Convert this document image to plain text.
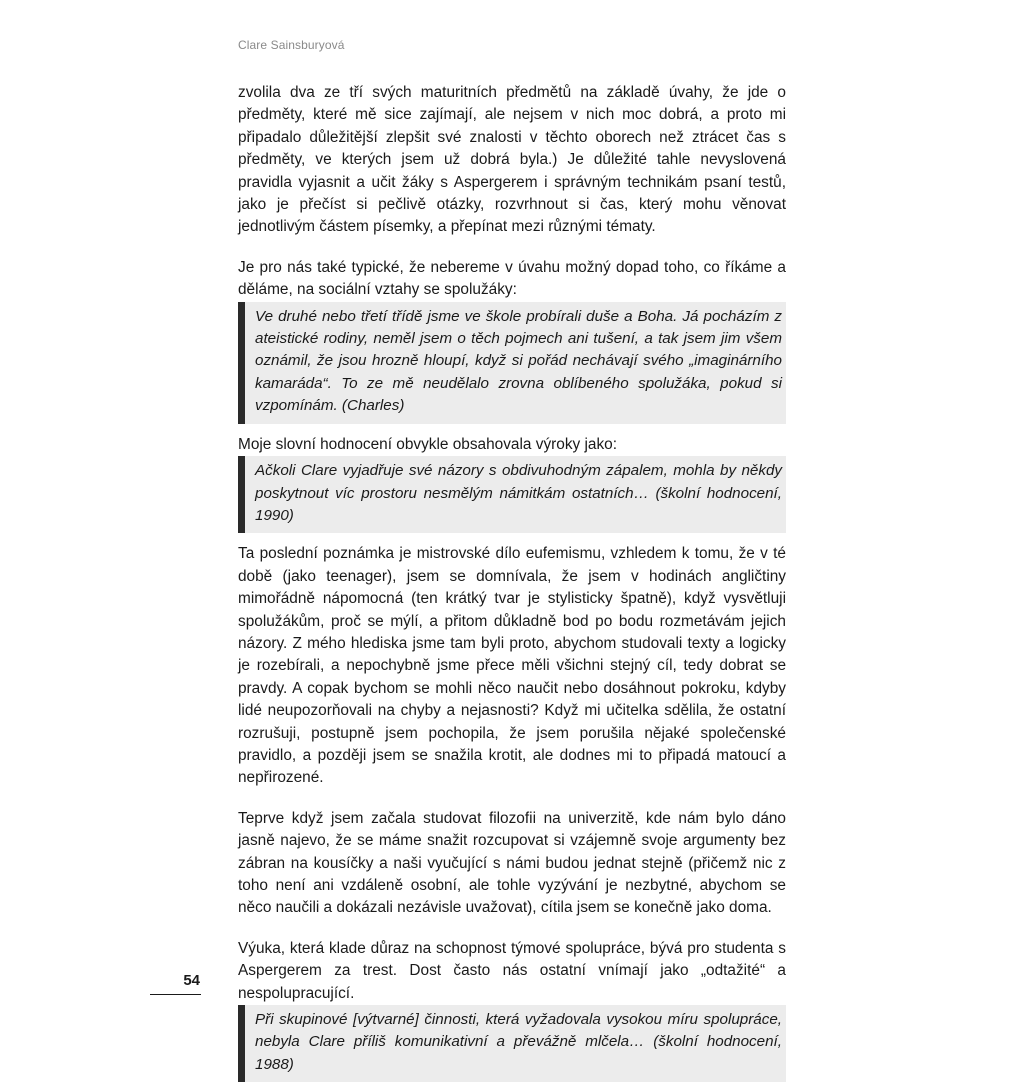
Clare Sainsburyová

zvolila dva ze tří svých maturitních předmětů na základě úvahy, že jde o předměty, které mě sice zajímají, ale nejsem v nich moc dobrá, a proto mi připadalo důležitější zlepšit své znalosti v těchto oborech než ztrácet čas s předměty, ve kterých jsem už dobrá byla.) Je důležité tahle nevyslovená pravidla vyjasnit a učit žáky s Aspergerem i správným technikám psaní testů, jako je přečíst si pečlivě otázky, rozvrhnout si čas, který mohu věnovat jednotlivým částem písemky, a přepínat mezi různými tématy.

Je pro nás také typické, že nebereme v úvahu možný dopad toho, co říkáme a děláme, na sociální vztahy se spolužáky:

Ve druhé nebo třetí třídě jsme ve škole probírali duše a Boha. Já pocházím z ateistické rodiny, neměl jsem o těch pojmech ani tušení, a tak jsem jim všem oznámil, že jsou hrozně hloupí, když si pořád nechávají svého „imaginárního kamaráda“. To ze mě neudělalo zrovna oblíbeného spolužáka, pokud si vzpomínám. (Charles)

Moje slovní hodnocení obvykle obsahovala výroky jako:

Ačkoli Clare vyjadřuje své názory s obdivuhodným zápalem, mohla by někdy poskytnout víc prostoru nesmělým námitkám ostatních… (školní hodnocení, 1990)

Ta poslední poznámka je mistrovské dílo eufemismu, vzhledem k tomu, že v té době (jako teenager), jsem se domnívala, že jsem v hodinách angličtiny mimořádně nápomocná (ten krátký tvar je stylisticky špatně), když vysvětluji spolužákům, proč se mýlí, a přitom důkladně bod po bodu rozmetávám jejich názory. Z mého hlediska jsme tam byli proto, abychom studovali texty a logicky je rozebírali, a nepochybně jsme přece měli všichni stejný cíl, tedy dobrat se pravdy. A copak bychom se mohli něco naučit nebo dosáhnout pokroku, kdyby lidé neupozorňovali na chyby a nejasnosti? Když mi učitelka sdělila, že ostatní rozrušuji, postupně jsem pochopila, že jsem porušila nějaké společenské pravidlo, a později jsem se snažila krotit, ale dodnes mi to připadá matoucí a nepřirozené.

Teprve když jsem začala studovat filozofii na univerzitě, kde nám bylo dáno jasně najevo, že se máme snažit rozcupovat si vzájemně svoje argumenty bez zábran na kousíčky a naši vyučující s námi budou jednat stejně (přičemž nic z toho není ani vzdáleně osobní, ale tohle vyzývání je nezbytné, abychom se něco naučili a dokázali nezávisle uvažovat), cítila jsem se konečně jako doma.

Výuka, která klade důraz na schopnost týmové spolupráce, bývá pro studenta s Aspergerem za trest. Dost často nás ostatní vnímají jako „odtažité“ a nespolupracující.

Při skupinové [výtvarné] činnosti, která vyžadovala vysokou míru spolupráce, nebyla Clare příliš komunikativní a převážně mlčela… (školní hodnocení, 1988)
54
